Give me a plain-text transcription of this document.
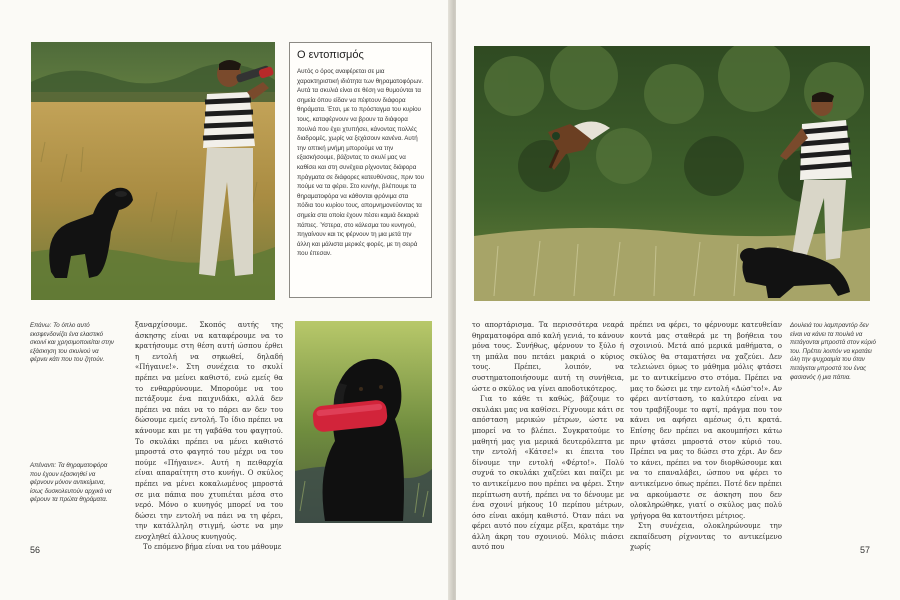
Ο εντοπισμός

Αυτός ο όρος αναφέρεται σε μια χαρακτηριστική ιδιότητα των θηραματοφόρων. Αυτά τα σκυλιά είναι σε θέση να θυμούνται τα σημεία όπου είδαν να πέφτουν διάφορα θηράματα. Έτσι, με το πρόσταγμα του κυρίου τους, καταφέρνουν να βρουν τα διάφορα πουλιά που έχει χτυπήσει, κάνοντας πολλές διαδρομές, χωρίς να ξεχάσουν κανένα. Αυτή την οπτική μνήμη μπορούμε να την εξασκήσουμε, βάζοντας το σκυλί μας να καθίσει και στη συνέχεια ρίχνοντας διάφορα πράγματα σε διάφορες κατευθύνσεις, πριν του πούμε να τα φέρει. Στο κυνήγι, βλέπουμε τα θηραματοφόρα να κάθονται φρόνιμα στα πόδια του κυρίου τους, απομνημονεύοντας τα σημεία στα οποία έχουν πέσει καμιά δεκαριά πάπιες. Ύστερα, στο κάλεσμα του κυνηγού, πηγαίνουν και τις φέρνουν τη μια μετά την άλλη και μάλιστα μερικές φορές, με τη σειρά που έπεσαν.

Επάνω: Το όπλο αυτό εκσφενδονίζει ένα ελαστικό σκοινί και χρησιμοποιείται στην εξάσκηση του σκυλιού να φέρνει κάτι που του ζητούν.
Απέναντι: Τα θηραματοφόρα που έχουν εξασκηθεί να φέρνουν μόνον αντικείμενα, ίσως δυσκολευτούν αρχικά να φέρουν τα πρώτα θηράματα.

ξαναρχίσουμε. Σκοπός αυτής της άσκησης είναι να καταφέρουμε να το κρατήσουμε στη θέση αυτή ώσπου έρθει η εντολή να σηκωθεί, δηλαδή «Πήγαινε!». Στη συνέχεια το σκυλί πρέπει να μείνει καθιστό, ενώ εμείς θα το ενθαρρύνουμε. Μπορούμε να του πετάξουμε ένα παιχνιδάκι, αλλά δεν πρέπει να πάει να το πάρει αν δεν του δώσουμε εμείς εντολή. Το ίδιο πρέπει να κάνουμε και με τη γαβάθα του φαγητού. Το σκυλάκι πρέπει να μένει καθιστό μπροστά στο φαγητό του μέχρι να του πούμε «Πήγαινε». Αυτή η πειθαρχία είναι απαραίτητη στο κυνήγι. Ο σκύλος πρέπει να μένει κοκαλωμένος μπροστά σε μια πάπια που χτυπιέται μέσα στο νερό. Μόνο ο κυνηγός μπορεί να του δώσει την εντολή να πάει να τη φέρει, την κατάλληλη στιγμή, ώστε να μην ενοχληθεί άλλους κυνηγούς.

Το επόμενο βήμα είναι να του μάθουμε

56

το απορτάρισμα. Τα περισσότερα νεαρά θηραματοφόρα από καλή γενιά, το κάνουν μόνα τους. Συνήθως, φέρνουν το ξύλο ή τη μπάλα που πετάει μακριά ο κύριος τους. Πρέπει, λοιπόν, να συστηματοποιήσουμε αυτή τη συνήθεια, ώστε ο σκύλος να γίνει αποδοτικότερος.

Για το κάθε τι καθώς, βάζουμε το σκυλάκι μας να καθίσει. Ρίχνουμε κάτι σε απόσταση μερικών μέτρων, ώστε να μπορεί να το βλέπει. Συγκρατούμε το μαθητή μας για μερικά δευτερόλεπτα με την εντολή «Κάτσε!» κι έπειτα του δίνουμε την εντολή «Φέρτο!». Πολύ συχνά το σκυλάκι χαζεύει και παίζει με το αντικείμενο που πρέπει να φέρει. Στην περίπτωση αυτή, πρέπει να το δένουμε με ένα σχοινί μήκους 10 περίπου μέτρων, όσο είναι ακόμη καθιστό. Όταν πάει να φέρει αυτό που είχαμε ρίξει, κρατάμε την άλλη άκρη του σχοινιού. Μόλις πιάσει αυτό που

πρέπει να φέρει, το φέρνουμε κατευθείαν κοντά μας σταθερά με τη βοήθεια του σχοινιού. Μετά από μερικά μαθήματα, ο σκύλος θα σταματήσει να χαζεύει. Δεν τελειώνει όμως το μάθημα μόλις φτάσει με το αντικείμενο στο στόμα. Πρέπει να μας το δώσει με την εντολή «Δώσ'το!». Αν φέρει αντίσταση, το καλύτερο είναι να του τραβήξουμε το αφτί, πράγμα που τον κάνει να αφήσει αμέσως ό,τι κρατά. Επίσης δεν πρέπει να ακουμπήσει κάτω πριν φτάσει μπροστά στον κύριό του. Πρέπει να μας το δώσει στο χέρι. Αν δεν το κάνει, πρέπει να τον διορθώσουμε και να το επαναλάβει, ώσπου να φέρει το αντικείμενο όπως πρέπει. Ποτέ δεν πρέπει να αρκούμαστε σε άσκηση που δεν ολοκληρώθηκε, γιατί ο σκύλος μας πολύ γρήγορα θα κατοντήσει μέτριος.

Στη συνέχεια, ολοκληρώνουμε την εκπαίδευση ρίχνοντας το αντικείμενο χωρίς

Δουλειά του λαμπραντόρ δεν είναι να κάνει τα πουλιά να πετάγονται μπροστά στον κύριό του. Πρέπει λοιπόν να κρατάει όλη την ψυχραιμία του όταν πετάγεται μπροστά του ένας φασιανός ή μια πάπια.
57
